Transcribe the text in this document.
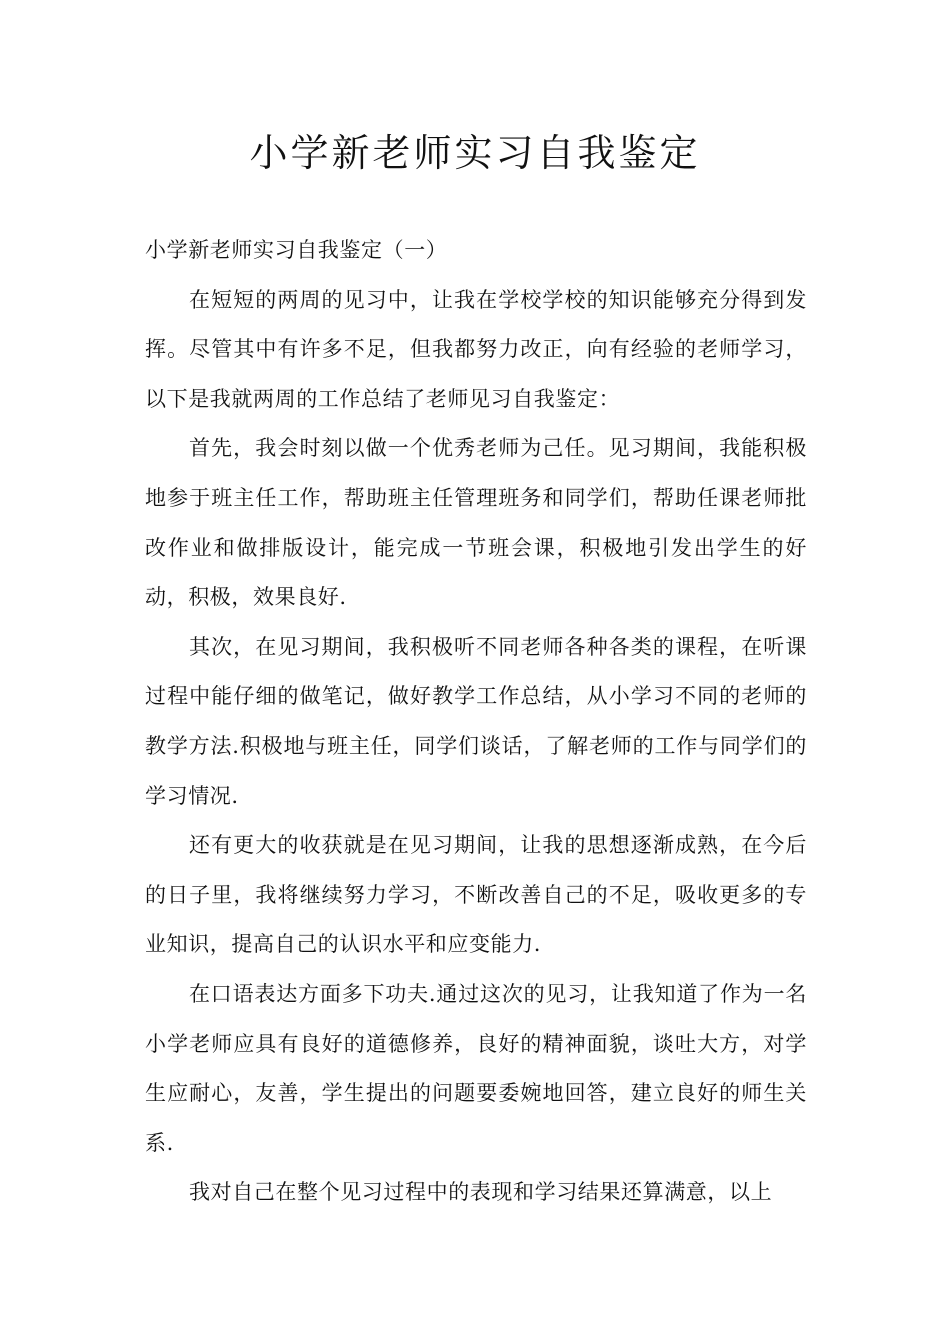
小学新老师实习自我鉴定

小学新老师实习自我鉴定（一）

在短短的两周的见习中，让我在学校学校的知识能够充分得到发挥。尽管其中有许多不足，但我都努力改正，向有经验的老师学习，以下是我就两周的工作总结了老师见习自我鉴定：

首先，我会时刻以做一个优秀老师为己任。见习期间，我能积极地参于班主任工作，帮助班主任管理班务和同学们，帮助任课老师批改作业和做排版设计，能完成一节班会课，积极地引发出学生的好动，积极，效果良好.

其次，在见习期间，我积极听不同老师各种各类的课程，在听课过程中能仔细的做笔记，做好教学工作总结，从小学习不同的老师的教学方法.积极地与班主任，同学们谈话，了解老师的工作与同学们的学习情况.

还有更大的收获就是在见习期间，让我的思想逐渐成熟，在今后的日子里，我将继续努力学习，不断改善自己的不足，吸收更多的专业知识，提高自己的认识水平和应变能力.

在口语表达方面多下功夫.通过这次的见习，让我知道了作为一名小学老师应具有良好的道德修养，良好的精神面貌，谈吐大方，对学生应耐心，友善，学生提出的问题要委婉地回答，建立良好的师生关系.

我对自己在整个见习过程中的表现和学习结果还算满意，以上
